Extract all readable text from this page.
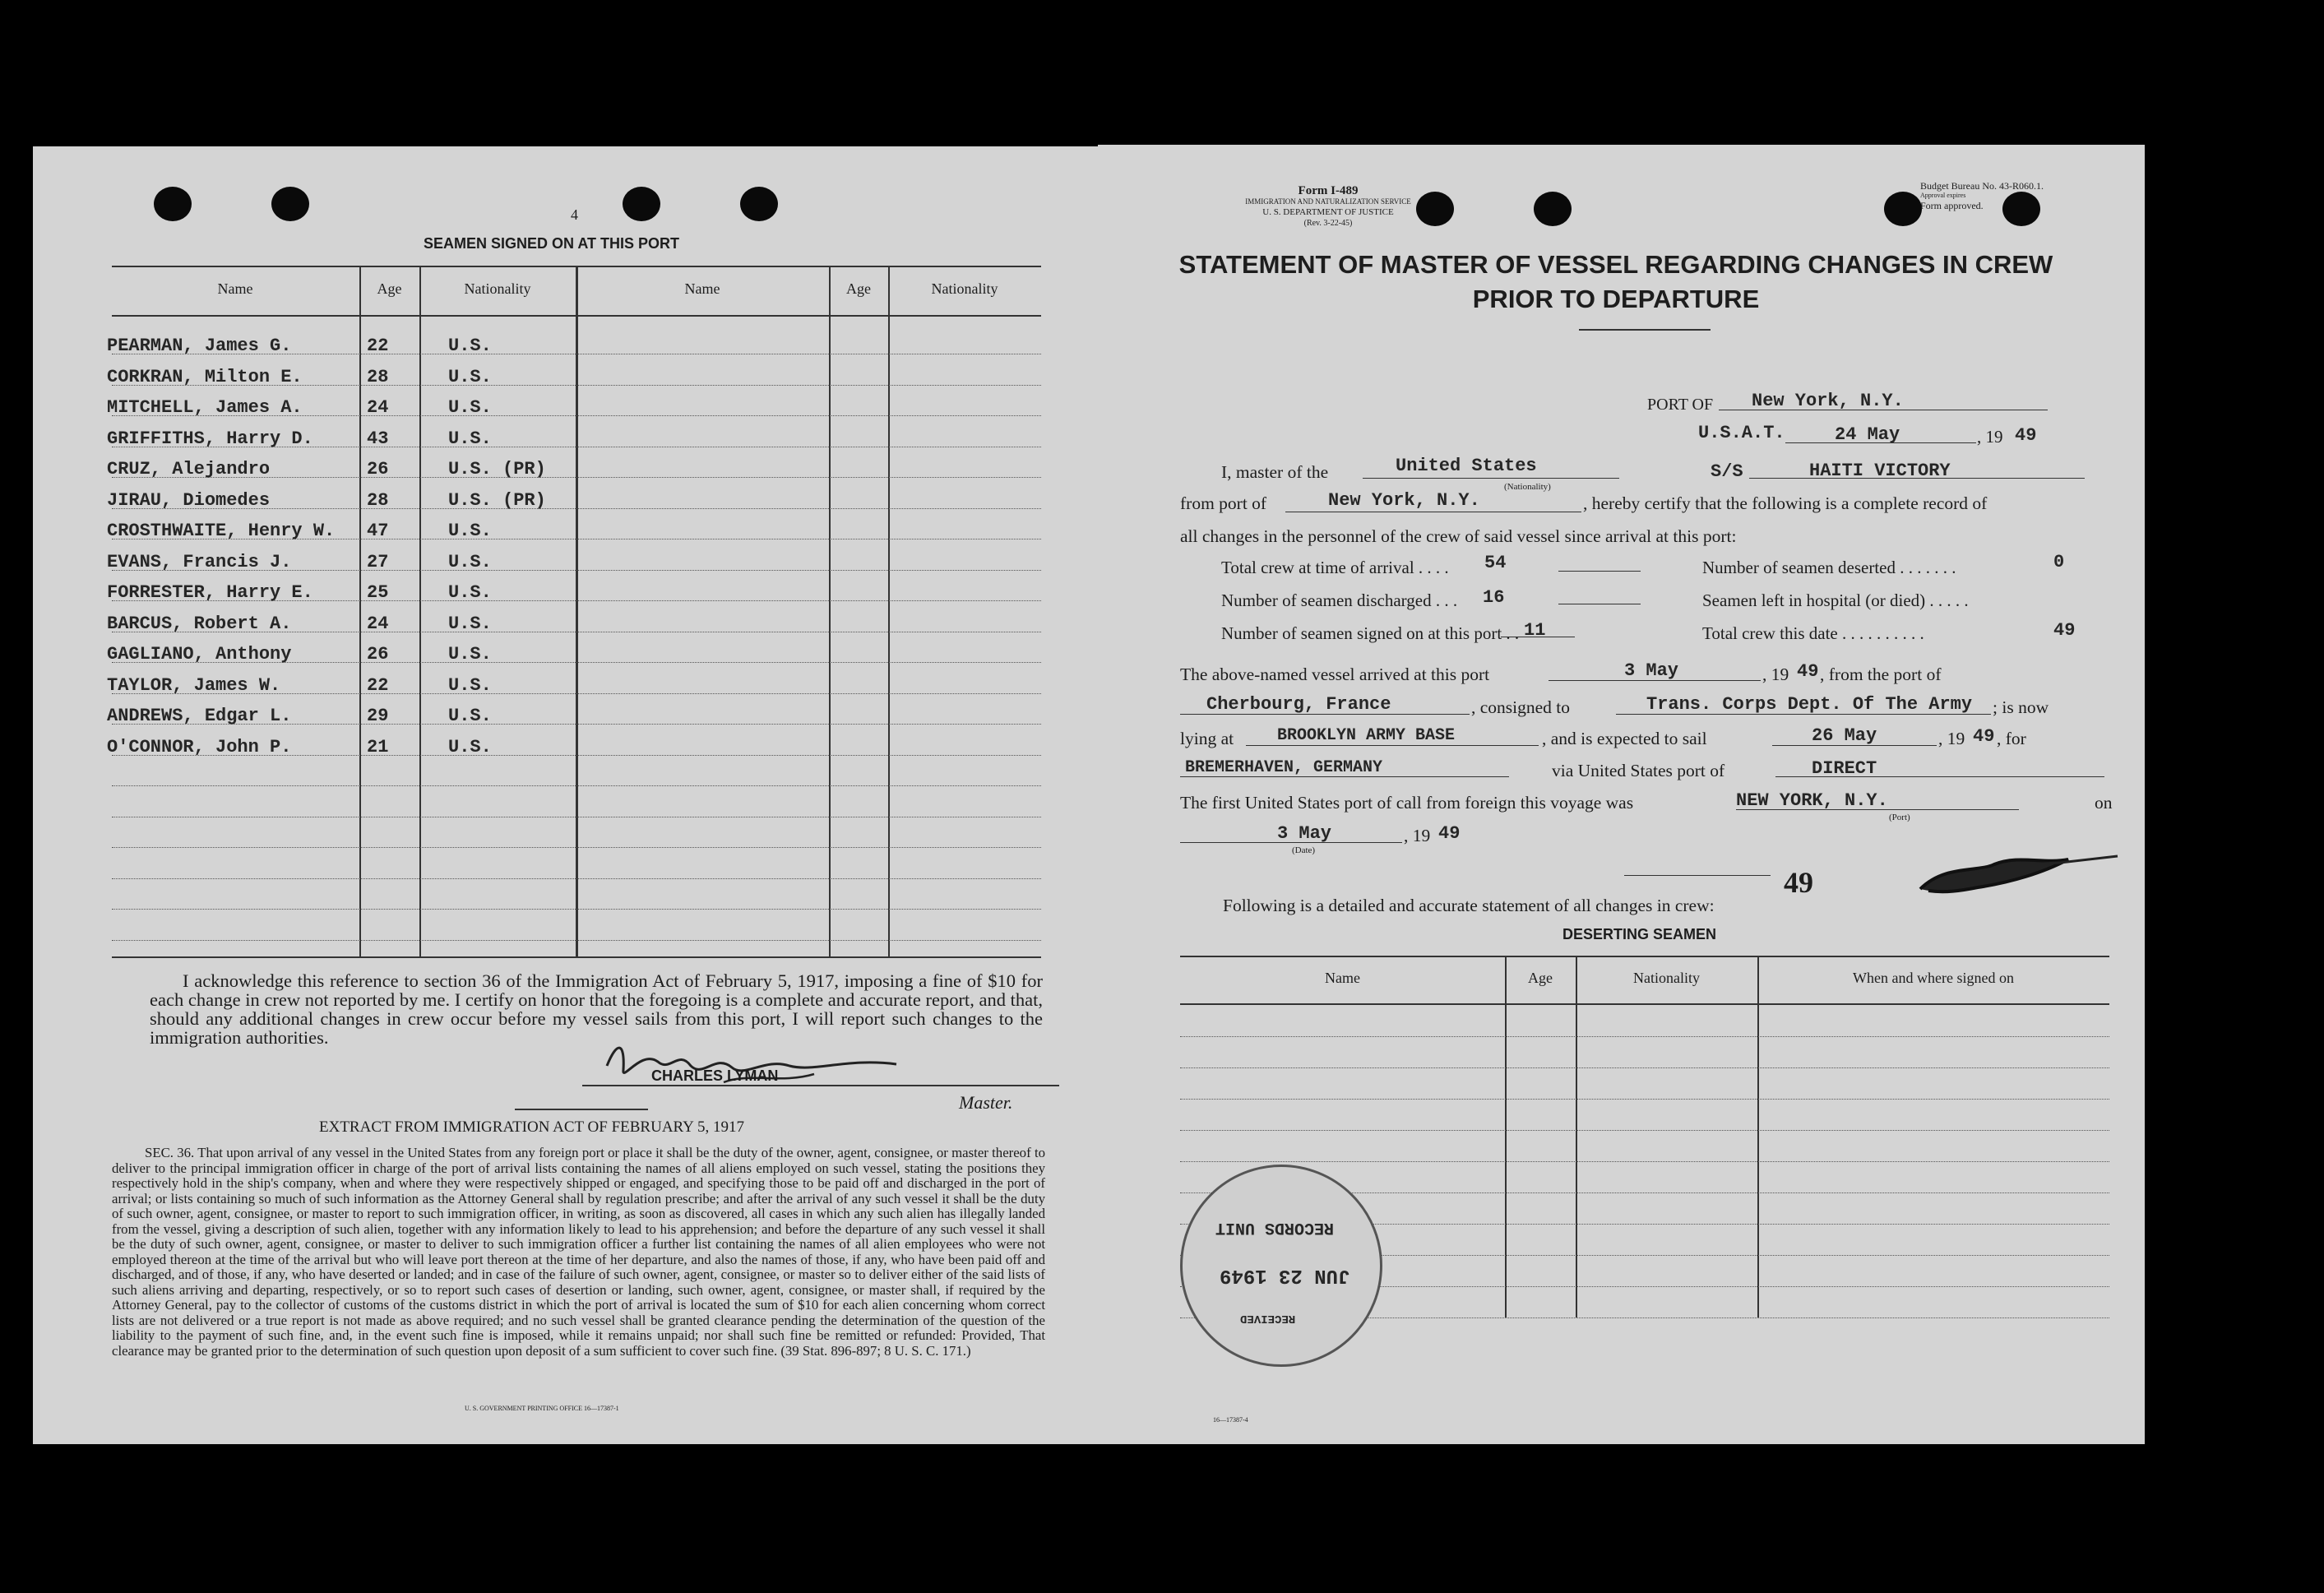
4
SEAMEN SIGNED ON AT THIS PORT
Name	Age	Nationality	Name	Age	Nationality
PEARMAN, James G.	22	U.S.
CORKRAN, Milton E.	28	U.S.
MITCHELL, James A.	24	U.S.
GRIFFITHS, Harry D.	43	U.S.
CRUZ, Alejandro	26	U.S. (PR)
JIRAU, Diomedes	28	U.S. (PR)
CROSTHWAITE, Henry W. 47	U.S.
EVANS, Francis J.	27	U.S.
FORRESTER, Harry E.	25	U.S.
BARCUS, Robert A.	24	U.S.
GAGLIANO, Anthony	26	U.S.
TAYLOR, James W.	22	U.S.
ANDREWS, Edgar L.	29	U.S.
O'CONNOR, John P.	21	U.S.
I acknowledge this reference to section 36 of the Immigration Act of February 5, 1917, imposing a fine of $10 for each change in crew not reported by me. I certify on honor that the foregoing is a complete and accurate report, and that, should any additional changes in crew occur before my vessel sails from this port, I will report such changes to the immigration authorities.
CHARLES LYMAN
Master.
EXTRACT FROM IMMIGRATION ACT OF FEBRUARY 5, 1917
SEC. 36. That upon arrival of any vessel in the United States from any foreign port or place it shall be the duty of the owner, agent, consignee, or master thereof to deliver to the principal immigration officer in charge of the port of arrival lists containing the names of all aliens employed on such vessel, stating the positions they respectively hold in the ship's company, when and where they were respectively shipped or engaged, and specifying those to be paid off and discharged in the port of arrival; or lists containing so much of such information as the Attorney General shall by regulation prescribe; and after the arrival of any such vessel it shall be the duty of such owner, agent, consignee, or master to report to such immigration officer, in writing, as soon as discovered, all cases in which any such alien has illegally landed from the vessel, giving a description of such alien, together with any information likely to lead to his apprehension; and before the departure of any such vessel it shall be the duty of such owner, agent, consignee, or master to deliver to such immigration officer a further list containing the names of all alien employees who were not employed thereon at the time of the arrival but who will leave port thereon at the time of her departure, and also the names of those, if any, who have been paid off and discharged, and of those, if any, who have deserted or landed; and in case of the failure of such owner, agent, consignee, or master so to deliver either of the said lists of such aliens arriving and departing, respectively, or so to report such cases of desertion or landing, such owner, agent, consignee, or master shall, if required by the Attorney General, pay to the collector of customs of the customs district in which the port of arrival is located the sum of $10 for each alien concerning whom correct lists are not delivered or a true report is not made as above required; and no such vessel shall be granted clearance pending the determination of the question of the liability to the payment of such fine, and, in the event such fine is imposed, while it remains unpaid; nor shall such fine be remitted or refunded: Provided, That clearance may be granted prior to the determination of such question upon deposit of a sum sufficient to cover such fine. (39 Stat. 896-897; 8 U. S. C. 171.)
U. S. GOVERNMENT PRINTING OFFICE 16—17387-1
Form I-489
IMMIGRATION AND NATURALIZATION SERVICE
U. S. DEPARTMENT OF JUSTICE
(Rev. 3-22-45)
Budget Bureau No. 43-R060.1.
Approval expires
Form approved.
STATEMENT OF MASTER OF VESSEL REGARDING CHANGES IN CREW
PRIOR TO DEPARTURE
PORT OF New York, N.Y.
U.S.A.T.	24 May	, 19 49
I, master of the	United States
(Nationality)
S/S	HAITI VICTORY
from port of	New York, N.Y.	, hereby certify that the following is a complete record of
all changes in the personnel of the crew of said vessel since arrival at this port:
Total crew at time of arrival . . . . 54	Number of seamen deserted . . . . . . .	0
Number of seamen discharged . . . 16	Seamen left in hospital (or died) . . . . .
Number of seamen signed on at this port . . 11	Total crew this date . . . . . . . . . .	49
The above-named vessel arrived at this port	3 May	, 19 49 , from the port of
Cherbourg, France	, consigned to	Trans. Corps Dept. Of The Army ; is now
lying at	BROOKLYN ARMY BASE	, and is expected to sail	26 May	, 19 49 , for
BREMERHAVEN, GERMANY	via United States port of	DIRECT
The first United States port of call from foreign this voyage was	NEW YORK, N.Y.
(Port)
on
3 May
(Date)
, 19 49
49
Following is a detailed and accurate statement of all changes in crew:
DESERTING SEAMEN
Name	Age	Nationality	When and where signed on
RECORDS UNIT
JUN 23 1949
RECEIVED
16—17387-4
